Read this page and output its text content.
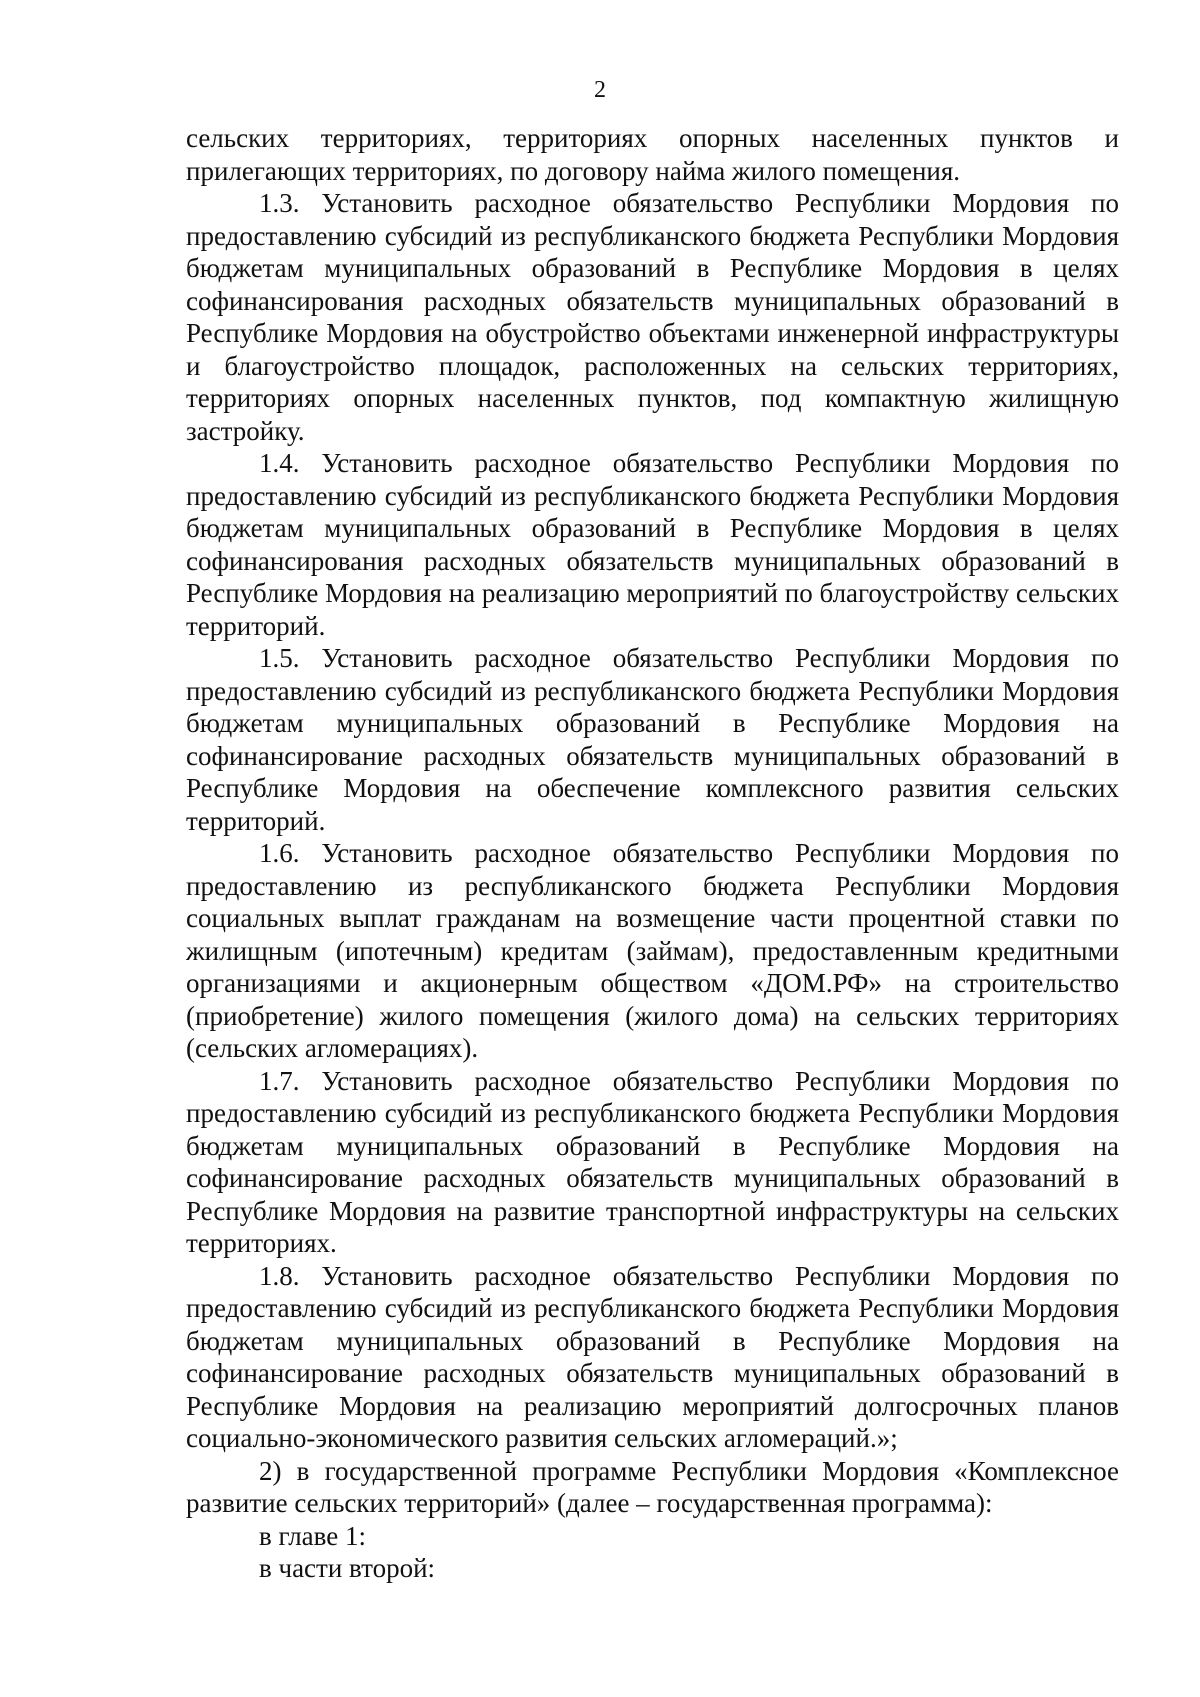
2

сельских территориях, территориях опорных населенных пунктов и прилегающих территориях, по договору найма жилого помещения.

1.3. Установить расходное обязательство Республики Мордовия по предоставлению субсидий из республиканского бюджета Республики Мордовия бюджетам муниципальных образований в Республике Мордовия в целях софинансирования расходных обязательств муниципальных образований в Республике Мордовия на обустройство объектами инженерной инфраструктуры и благоустройство площадок, расположенных на сельских территориях, территориях опорных населенных пунктов, под компактную жилищную застройку.

1.4. Установить расходное обязательство Республики Мордовия по предоставлению субсидий из республиканского бюджета Республики Мордовия бюджетам муниципальных образований в Республике Мордовия в целях софинансирования расходных обязательств муниципальных образований в Республике Мордовия на реализацию мероприятий по благоустройству сельских территорий.

1.5. Установить расходное обязательство Республики Мордовия по предоставлению субсидий из республиканского бюджета Республики Мордовия бюджетам муниципальных образований в Республике Мордовия на софинансирование расходных обязательств муниципальных образований в Республике Мордовия на обеспечение комплексного развития сельских территорий.

1.6. Установить расходное обязательство Республики Мордовия по предоставлению из республиканского бюджета Республики Мордовия социальных выплат гражданам на возмещение части процентной ставки по жилищным (ипотечным) кредитам (займам), предоставленным кредитными организациями и акционерным обществом «ДОМ.РФ» на строительство (приобретение) жилого помещения (жилого дома) на сельских территориях (сельских агломерациях).

1.7. Установить расходное обязательство Республики Мордовия по предоставлению субсидий из республиканского бюджета Республики Мордовия бюджетам муниципальных образований в Республике Мордовия на софинансирование расходных обязательств муниципальных образований в Республике Мордовия на развитие транспортной инфраструктуры на сельских территориях.

1.8. Установить расходное обязательство Республики Мордовия по предоставлению субсидий из республиканского бюджета Республики Мордовия бюджетам муниципальных образований в Республике Мордовия на софинансирование расходных обязательств муниципальных образований в Республике Мордовия на реализацию мероприятий долгосрочных планов социально-экономического развития сельских агломераций.»;

2) в государственной программе Республики Мордовия «Комплексное развитие сельских территорий» (далее – государственная программа):

в главе 1:

в части второй:
